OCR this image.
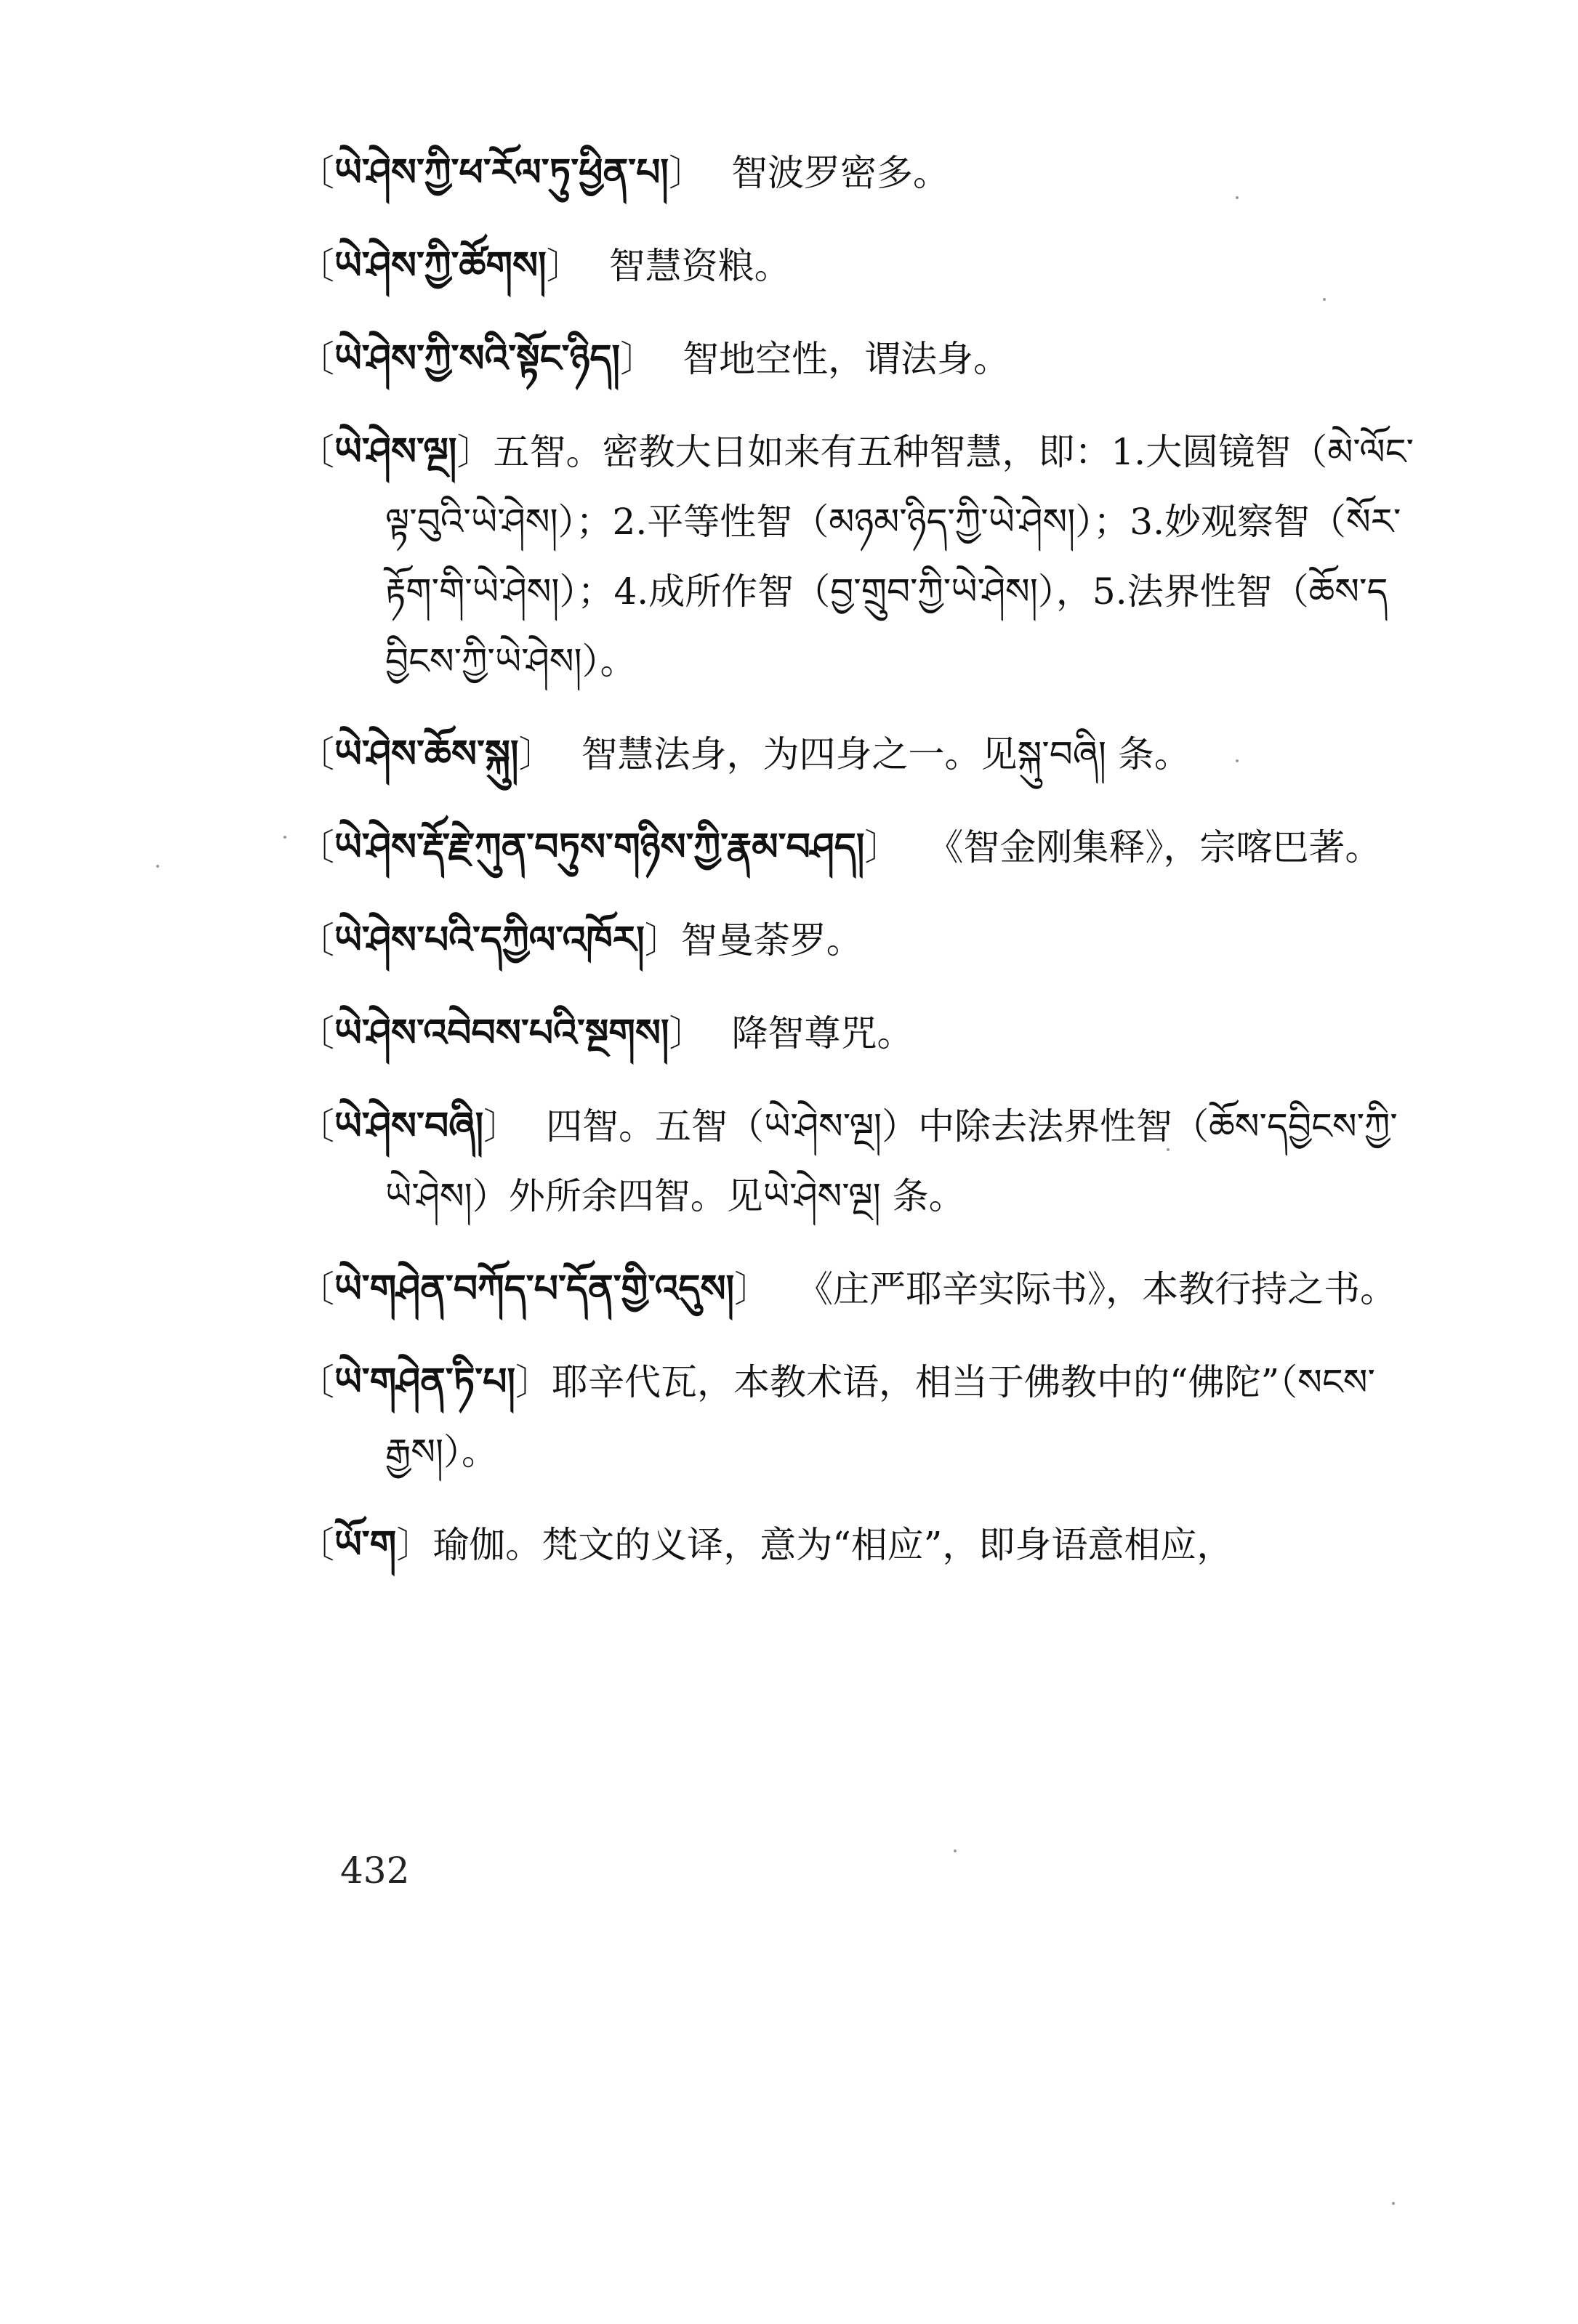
〔ཡེ་ཤེས་ཀྱི་ཕ་རོལ་ཏུ་ཕྱིན་པ།〕 智波罗密多。
〔ཡེ་ཤེས་ཀྱི་ཚོགས།〕 智慧资粮。
〔ཡེ་ཤེས་ཀྱི་སའི་སྟོང་ཉིད།〕 智地空性，谓法身。
〔ཡེ་ཤེས་ལྔ།〕五智。密教大日如来有五种智慧，即：1.大圆镜智（མེ་ལོང་ལྟ་བུའི་ཡེ་ཤེས།）；2.平等性智（མཉམ་ཉིད་ཀྱི་ཡེ་ཤེས།）；3.妙观察智（སོར་རྟོག་གི་ཡེ་ཤེས།）；4.成所作智（བྱ་གྲུབ་ཀྱི་ཡེ་ཤེས།），5.法界性智（ཆོས་དབྱིངས་ཀྱི་ཡེ་ཤེས།）。
〔ཡེ་ཤེས་ཆོས་སྐུ།〕 智慧法身，为四身之一。见སྐུ་བཞི། 条。
〔ཡེ་ཤེས་རྡོ་རྗེ་ཀུན་བཏུས་གཉིས་ཀྱི་རྣམ་བཤད།〕 《智金刚集释》，宗喀巴著。
〔ཡེ་ཤེས་པའི་དཀྱིལ་འཁོར།〕智曼荼罗。
〔ཡེ་ཤེས་འབེབས་པའི་སྔགས།〕 降智尊咒。
〔ཡེ་ཤེས་བཞི།〕 四智。五智（ཡེ་ཤེས་ལྔ།）中除去法界性智（ཆོས་དབྱིངས་ཀྱི་ཡེ་ཤེས།）外所余四智。见ཡེ་ཤེས་ལྔ། 条。
〔ཡེ་གཤེན་བཀོད་པ་དོན་གྱི་འདུས།〕 《庄严耶辛实际书》，本教行持之书。
〔ཡེ་གཤེན་ཏི་པ།〕耶辛代瓦，本教术语，相当于佛教中的“佛陀”（སངས་རྒྱས།）。
〔ཡོ་ག〕瑜伽。梵文的义译，意为“相应”，即身语意相应，
432
